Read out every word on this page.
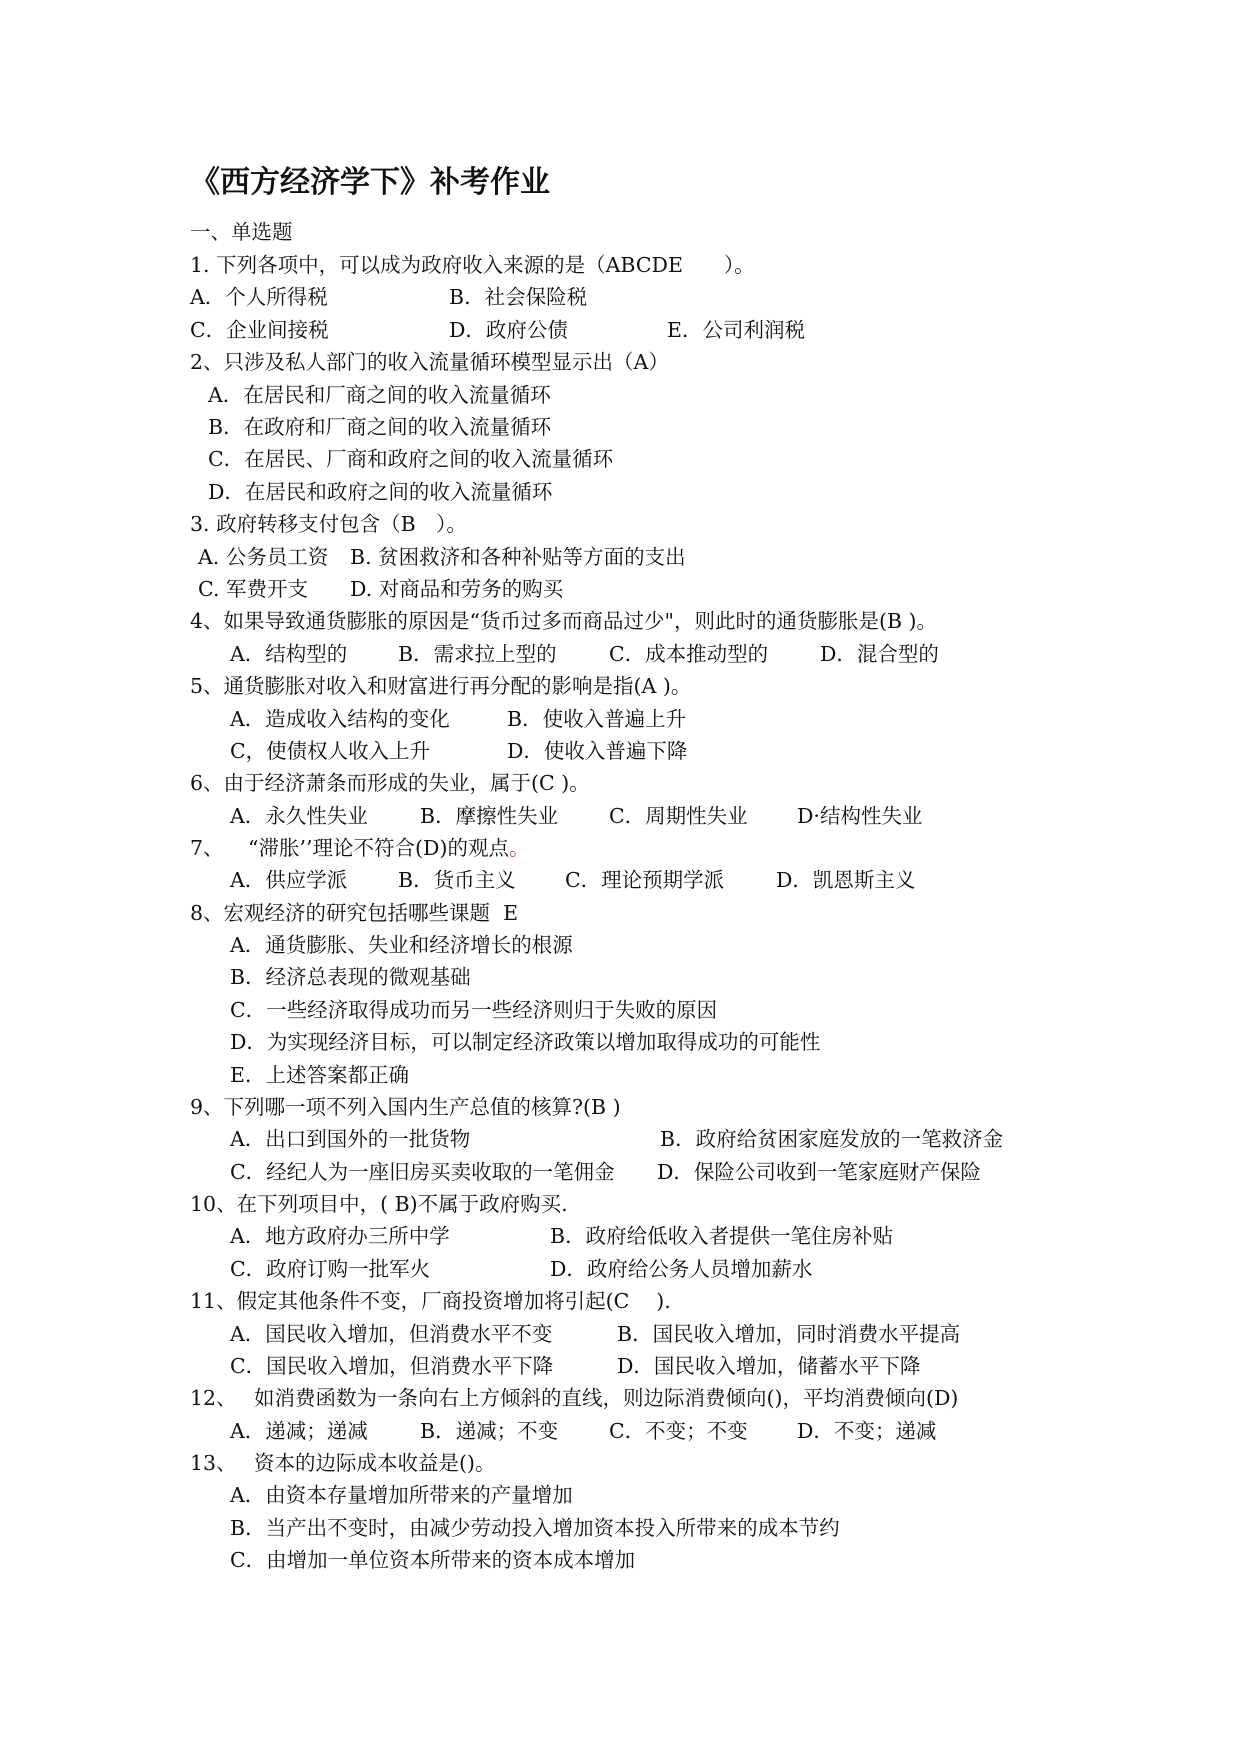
《西方经济学下》补考作业
一、单选题
1. 下列各项中，可以成为政府收入来源的是（ABCDE　　）。
A．个人所得税	B．社会保险税
C．企业间接税	D．政府公债	E．公司利润税
2、只涉及私人部门的收入流量循环模型显示出（A）
A．在居民和厂商之间的收入流量循环
B．在政府和厂商之间的收入流量循环
C．在居民、厂商和政府之间的收入流量循环
D．在居民和政府之间的收入流量循环
3. 政府转移支付包含（B　）。
A. 公务员工资 B. 贫困救济和各种补贴等方面的支出
C. 军费开支 D. 对商品和劳务的购买
4、如果导致通货膨胀的原因是“货币过多而商品过少"，则此时的通货膨胀是(B )。
A．结构型的 B．需求拉上型的	C．成本推动型的	D．混合型的
5、通货膨胀对收入和财富进行再分配的影响是指(A )。
A．造成收入结构的变化	B．使收入普遍上升
C，使债权人收入上升	D．使收入普遍下降
6、由于经济萧条而形成的失业，属于(C )。
A．永久性失业	B．摩擦性失业 C．周期性失业 D·结构性失业
7、 “滞胀’’理论不符合(D)的观点。
A．供应学派 B．货币主义 C．理论预期学派	D．凯恩斯主义
8、宏观经济的研究包括哪些课题  E
A．通货膨胀、失业和经济增长的根源
B．经济总表现的微观基础
C．一些经济取得成功而另一些经济则归于失败的原因
D．为实现经济目标，可以制定经济政策以增加取得成功的可能性
E．上述答案都正确
9、下列哪一项不列入国内生产总值的核算?(B )
A．出口到国外的一批货物	B．政府给贫困家庭发放的一笔救济金
C．经纪人为一座旧房买卖收取的一笔佣金 D．保险公司收到一笔家庭财产保险
10、在下列项目中，( B)不属于政府购买.
A．地方政府办三所中学	B．政府给低收入者提供一笔住房补贴
C．政府订购一批军火	D．政府给公务人员增加薪水
11、假定其他条件不变，厂商投资增加将引起(C　 ).
A．国民收入增加，但消费水平不变	B．国民收入增加，同时消费水平提高
C．国民收入增加，但消费水平下降	D．国民收入增加，储蓄水平下降
12、 如消费函数为一条向右上方倾斜的直线，则边际消费倾向()，平均消费倾向(D)
A．递减；递减	B．递减；不变 C．不变；不变 D．不变；递减
13、 资本的边际成本收益是()。
A．由资本存量增加所带来的产量增加
B．当产出不变时，由减少劳动投入增加资本投入所带来的成本节约
C．由增加一单位资本所带来的资本成本增加
